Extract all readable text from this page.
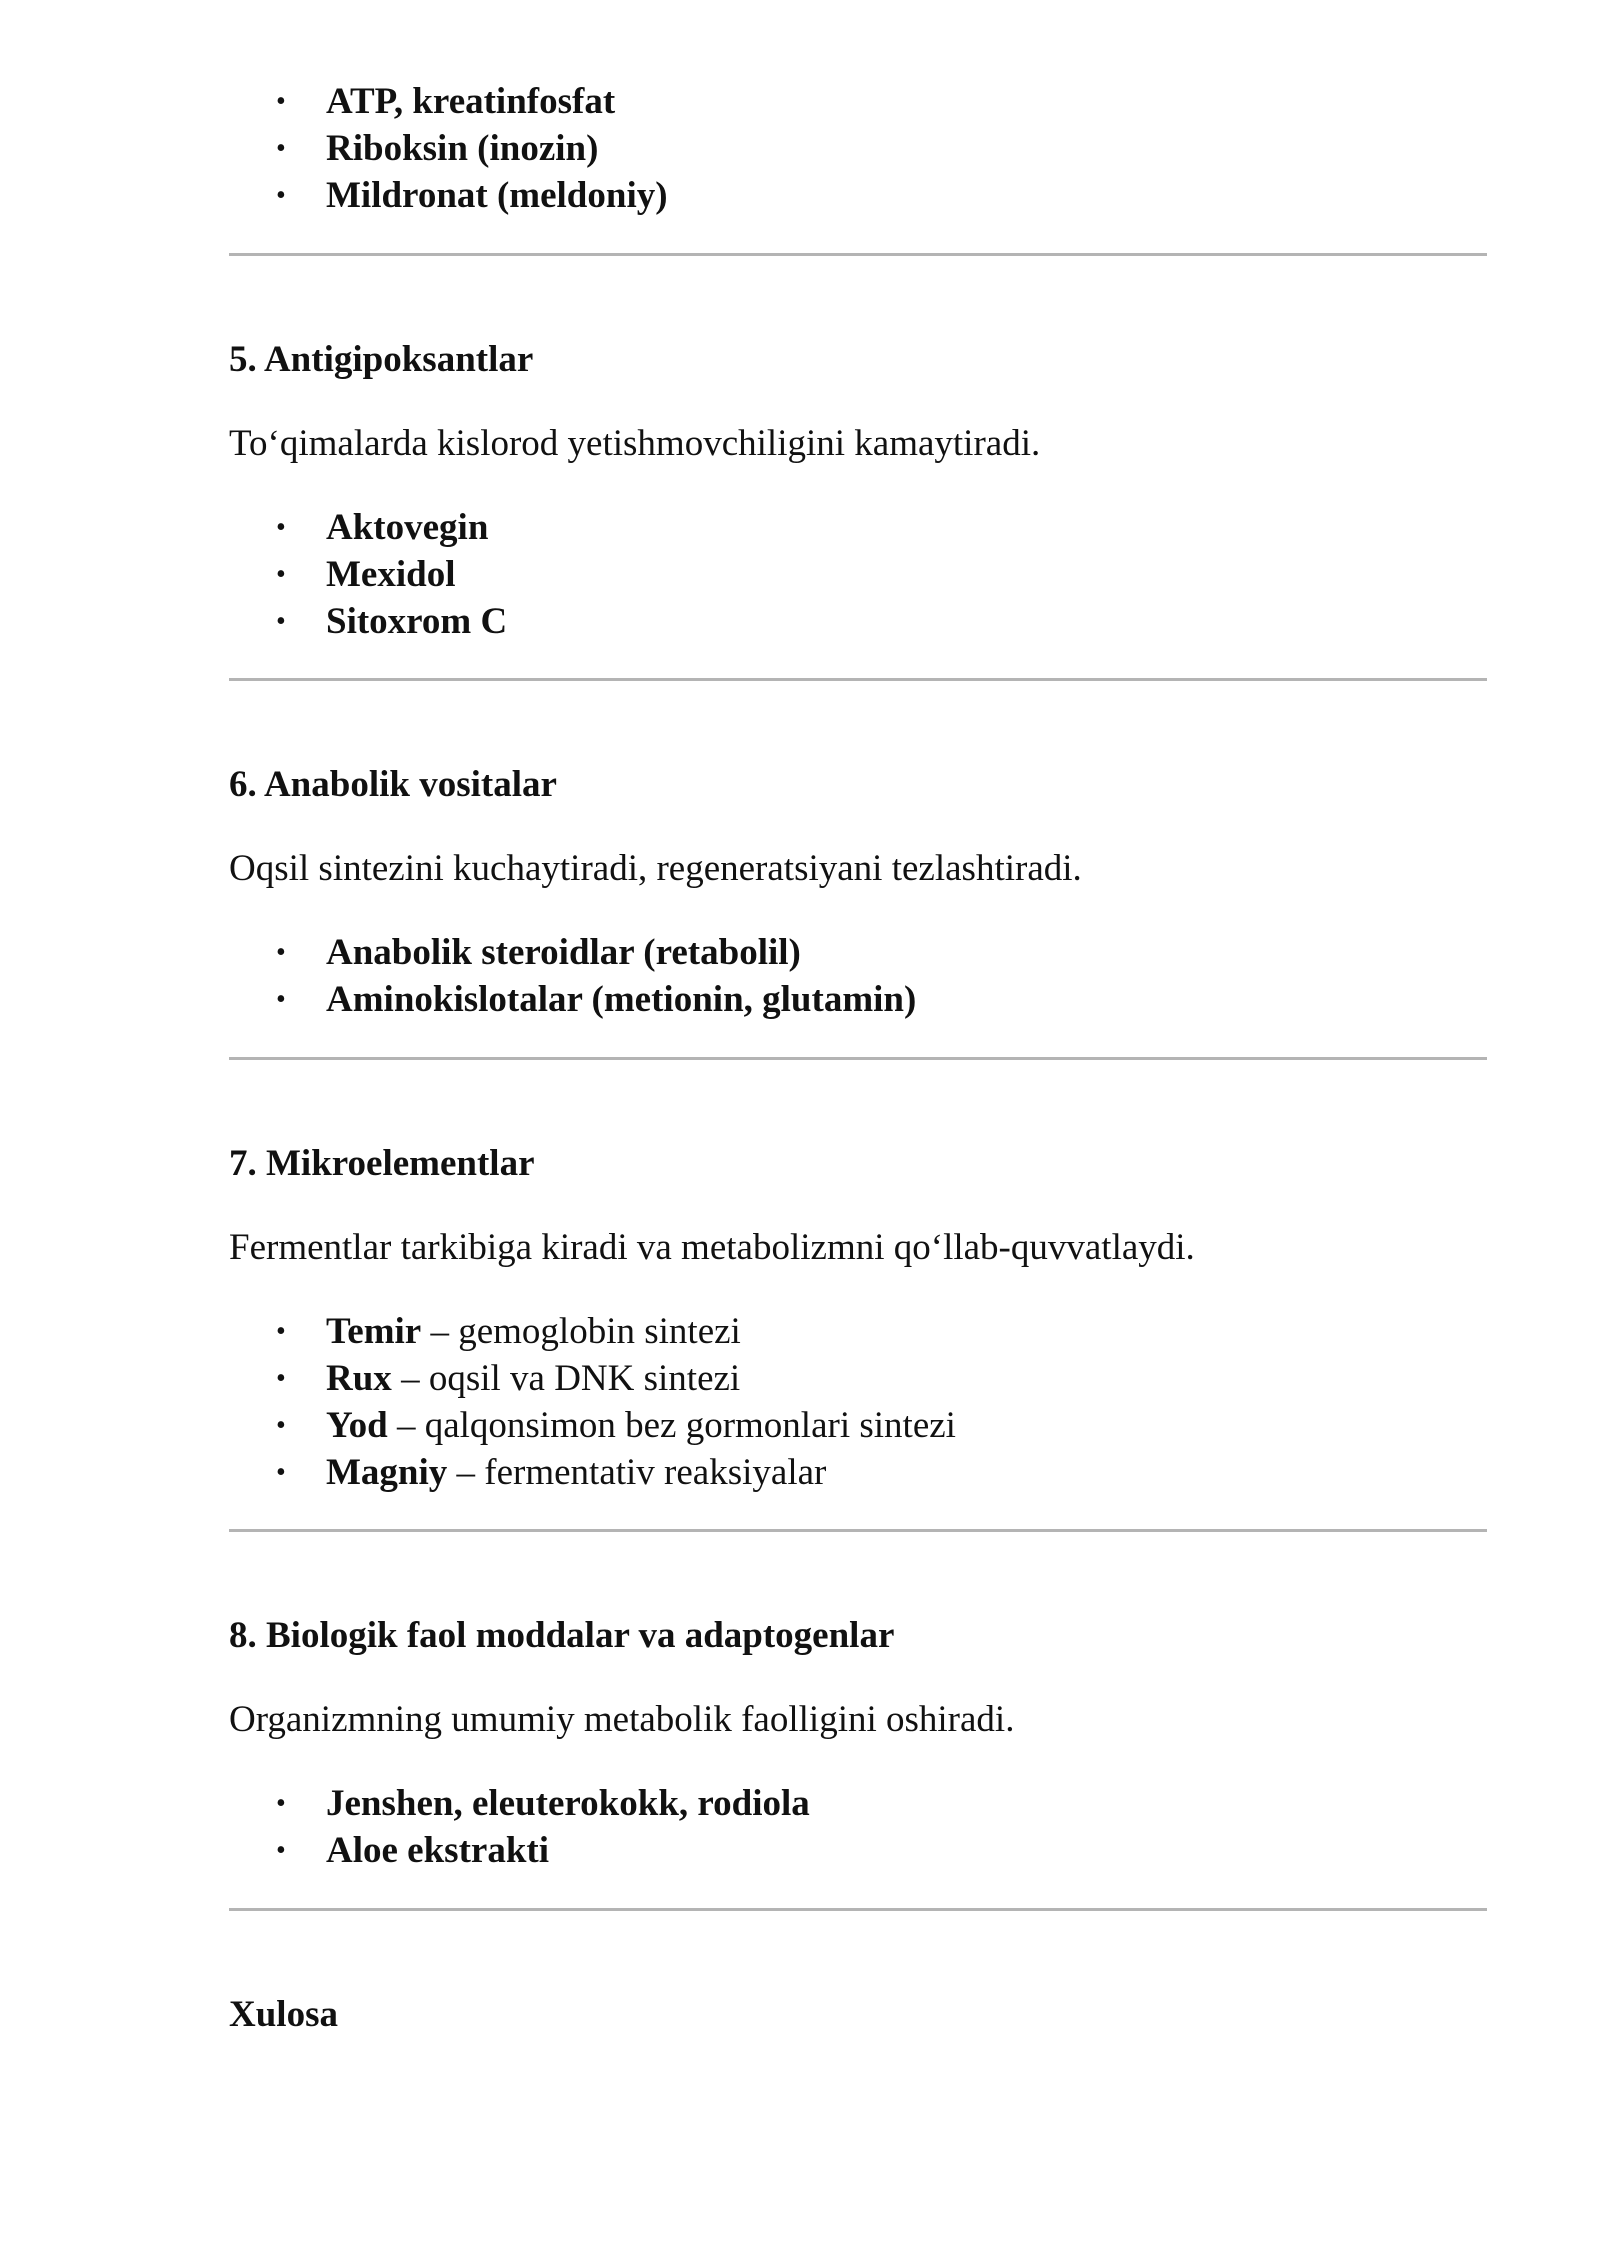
• ATP, kreatinfosfat
• Riboksin (inozin)
• Mildronat (meldoniy)
5. Antigipoksantlar

To‘qimalarda kislorod yetishmovchiligini kamaytiradi.

• Aktovegin
• Mexidol
• Sitoxrom C
6. Anabolik vositalar

Oqsil sintezini kuchaytiradi, regeneratsiyani tezlashtiradi.

• Anabolik steroidlar (retabolil)
• Aminokislotalar (metionin, glutamin)
7. Mikroelementlar

Fermentlar tarkibiga kiradi va metabolizmni qo‘llab-quvvatlaydi.

• Temir – gemoglobin sintezi
• Rux – oqsil va DNK sintezi
• Yod – qalqonsimon bez gormonlari sintezi
• Magniy – fermentativ reaksiyalar
8. Biologik faol moddalar va adaptogenlar

Organizmning umumiy metabolik faolligini oshiradi.

• Jenshen, eleuterokokk, rodiola
• Aloe ekstrakti
Xulosa
